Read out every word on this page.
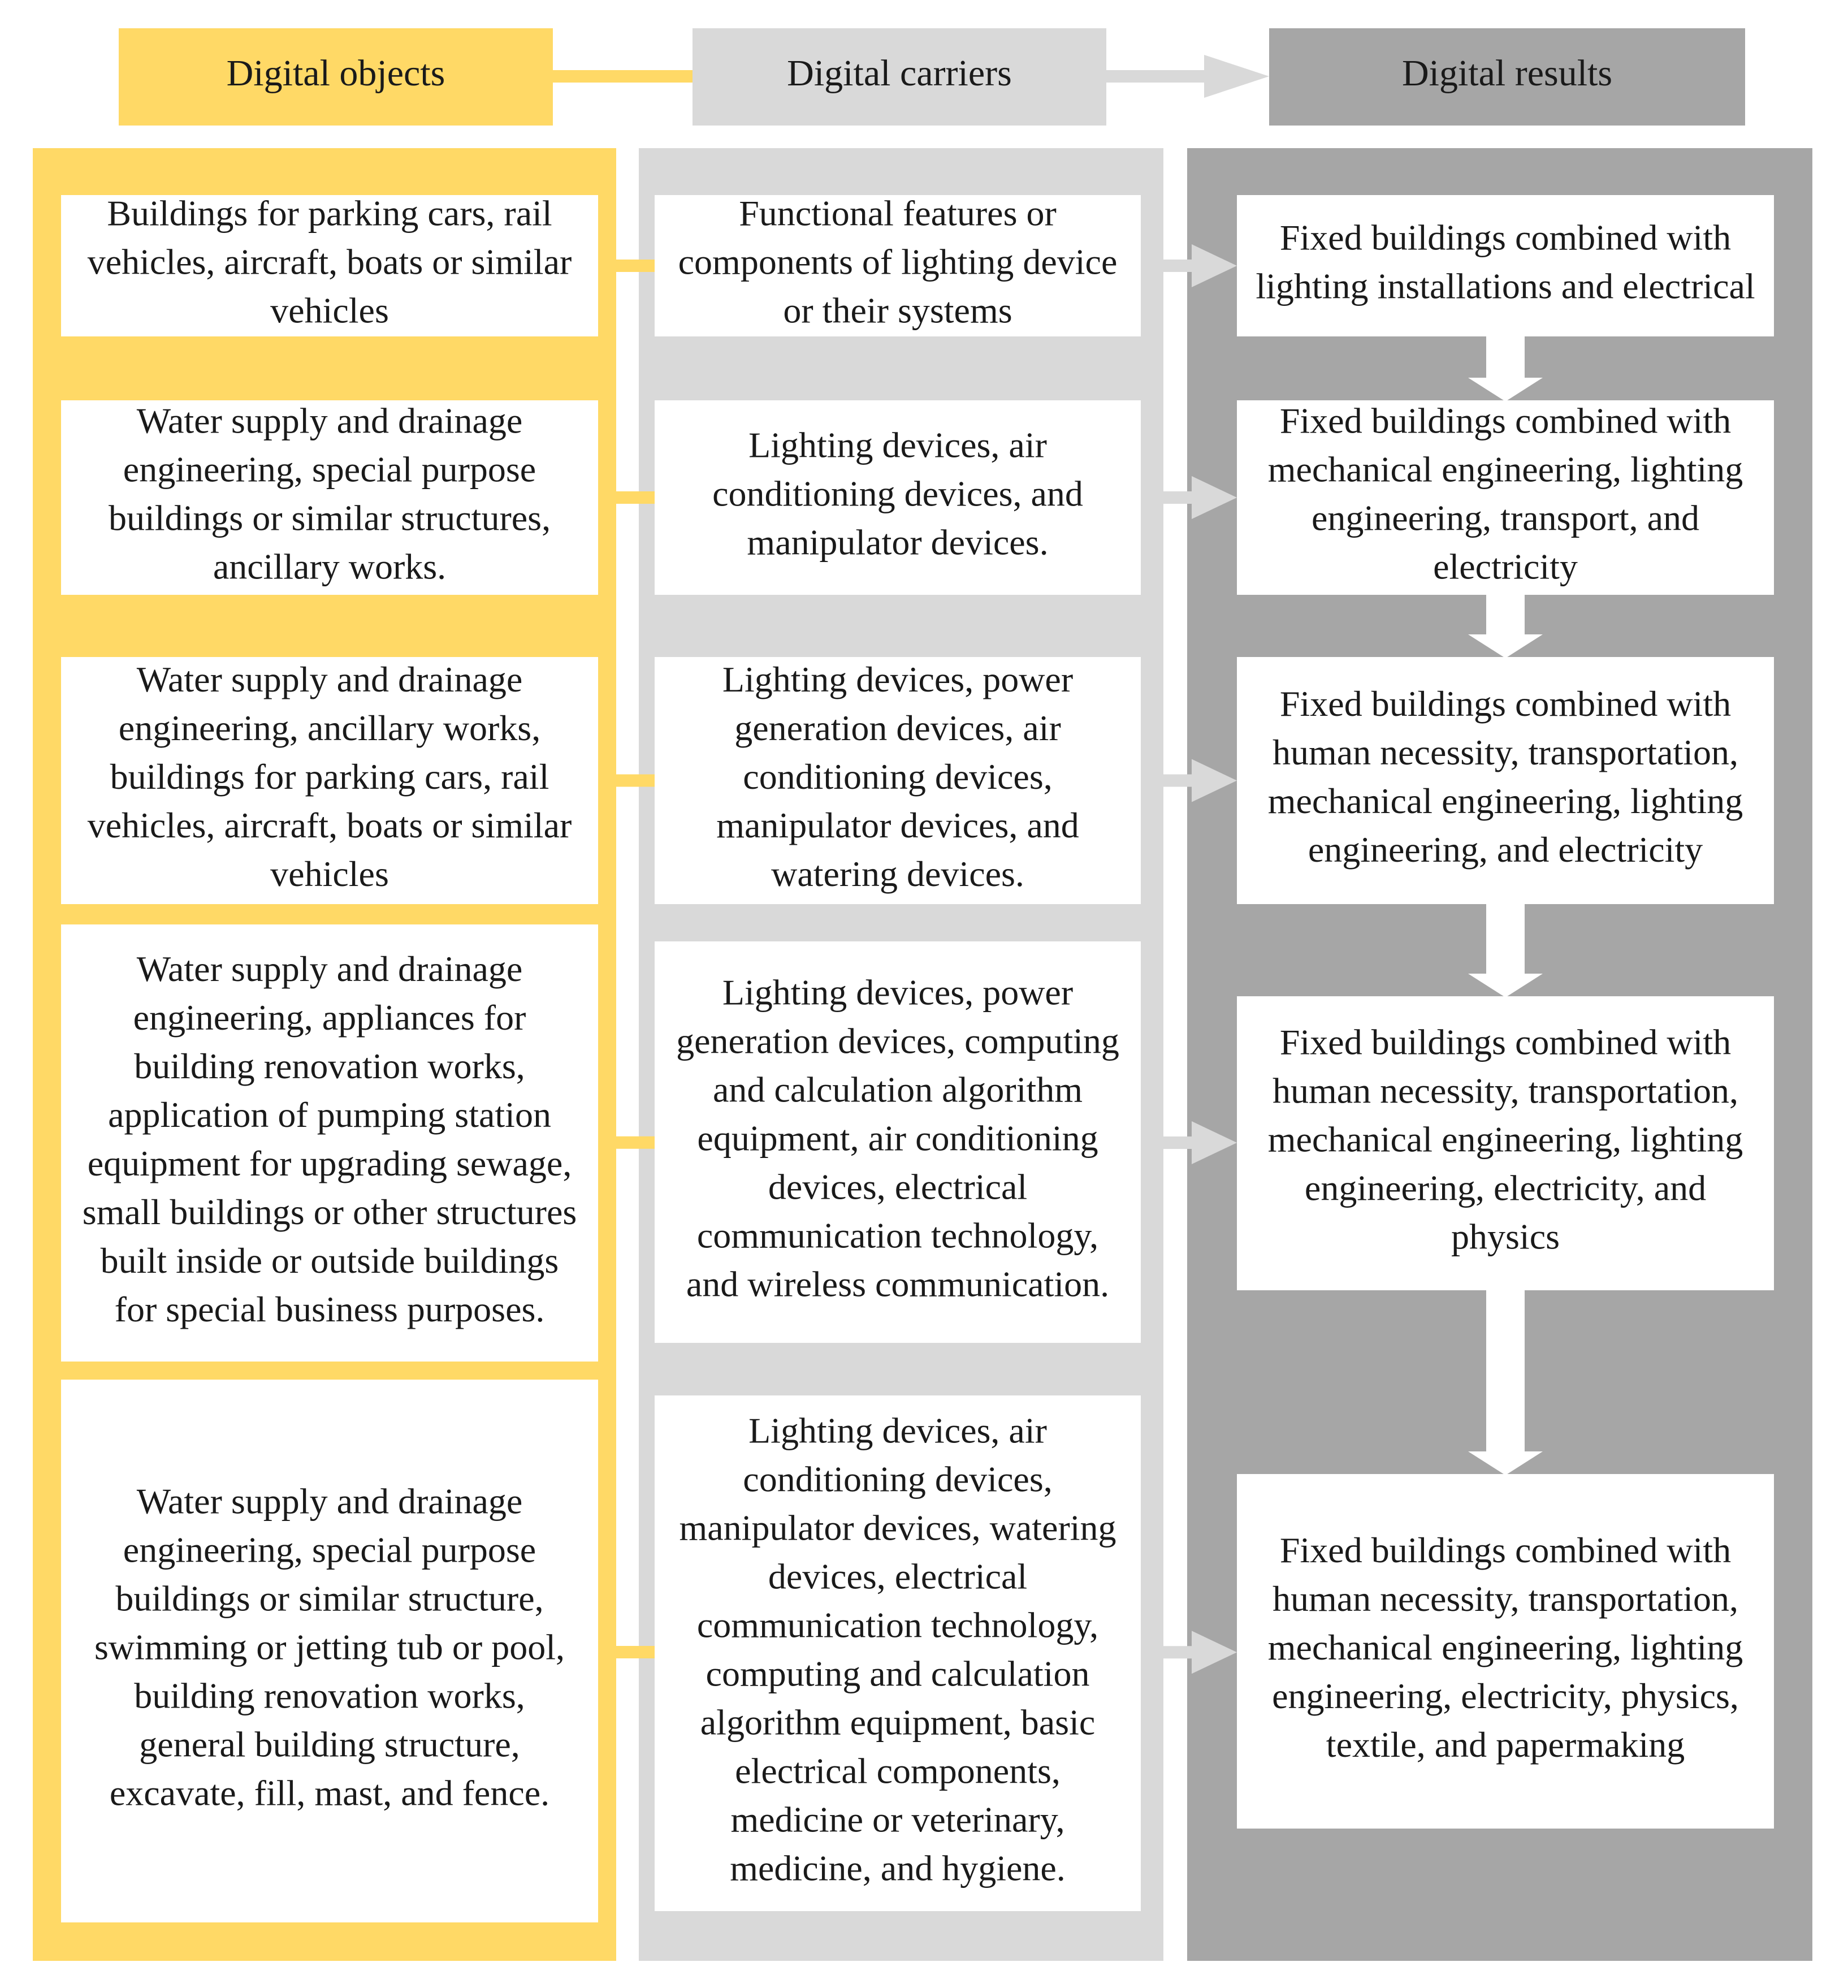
Digital objects	Digital carriers	Digital results
Buildings for parking cars, rail vehicles, aircraft, boats or similar vehicles
Functional features or components of lighting device or their systems
Fixed buildings combined with lighting installations and electrical
Water supply and drainage engineering, special purpose buildings or similar structures, ancillary works.
Lighting devices, air conditioning devices, and manipulator devices.
Fixed buildings combined with mechanical engineering, lighting engineering, transport, and electricity
Water supply and drainage engineering, ancillary works, buildings for parking cars, rail vehicles, aircraft, boats or similar vehicles
Lighting devices, power generation devices, air conditioning devices, manipulator devices, and watering devices.
Fixed buildings combined with human necessity, transportation, mechanical engineering, lighting engineering, and electricity
Water supply and drainage engineering, appliances for building renovation works, application of pumping station equipment for upgrading sewage, small buildings or other structures built inside or outside buildings for special business purposes.
Lighting devices, power generation devices, computing and calculation algorithm equipment, air conditioning devices, electrical communication technology, and wireless communication.
Fixed buildings combined with human necessity, transportation, mechanical engineering, lighting engineering, electricity, and physics
Water supply and drainage engineering, special purpose buildings or similar structure, swimming or jetting tub or pool, building renovation works, general building structure, excavate, fill, mast, and fence.
Lighting devices, air conditioning devices, manipulator devices, watering devices, electrical communication technology, computing and calculation algorithm equipment, basic electrical components, medicine or veterinary, medicine, and hygiene.
Fixed buildings combined with human necessity, transportation, mechanical engineering, lighting engineering, electricity, physics, textile, and papermaking
